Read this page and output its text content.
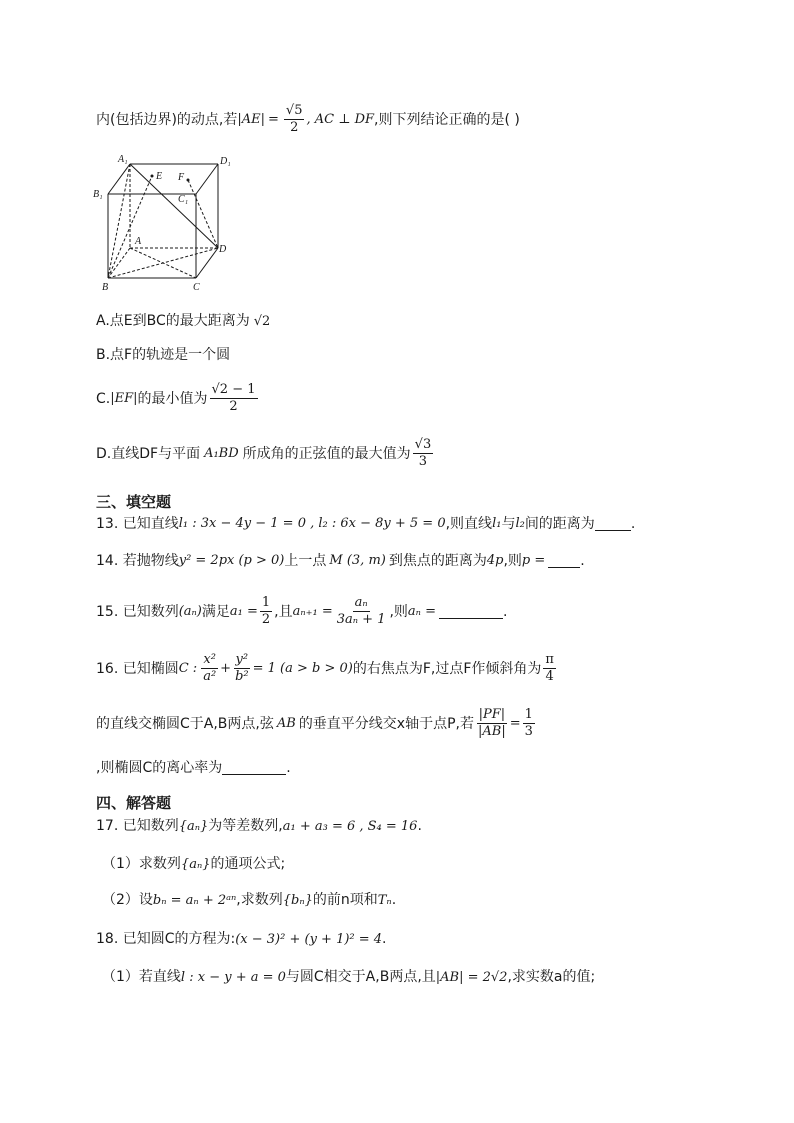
内(包括边界)的动点,若 $|AE| = \frac{√5}{2}$ , AC ⊥ DF ,则下列结论正确的是( )
A₁	D₁
B₁	C₁
E F
A
D
B	C
A.点E到BC的最大距离为 √2
B.点F的轨迹是一个圆
C. |EF| 的最小值为 $\frac{√2 - 1}{2}$
D.直线DF与平面 A₁BD 所成角的正弦值的最大值为 $\frac{√3}{3}$
三、填空题
13. 已知直线 l₁ : 3x − 4y − 1 = 0 , l₂ : 6x − 8y + 5 = 0 ,则直线 l₁ 与 l₂ 间的距离为	.
14. 若抛物线 y² = 2px (p > 0) 上一点 M (3, m) 到焦点的距离为 4p ,则 p =	.
15. 已知数列 (aₙ) 满足 $a_1 = \frac{1}{2}$ ,且 $a_{n+1} = \frac{\text{aₙ}}{\text{3aₙ + 1}}$ ,则 aₙ =	.
16. 已知椭圆 C : $\frac{\text{x²}}{\text{a²}} + \frac{\text{y²}}{\text{b²}} = 1$ (a > b > 0) 的右焦点为F,过点F作倾斜角为 $\frac{\pi}{4}$
的直线交椭圆C于A,B两点,弦 AB 的垂直平分线交x轴于点P,若 $\frac{|PF|}{|AB|} = \frac{1}{3}$
,则椭圆C的离心率为	.
四、解答题
17. 已知数列 {aₙ} 为等差数列, a₁ + a₃ = 6 , S₄ = 16 .
（1）求数列 {aₙ} 的通项公式;
（2）设 bₙ = aₙ + 2ᵃⁿ ,求数列 {bₙ} 的前n项和 Tₙ .
18. 已知圆C的方程为: (x − 3)² + (y + 1)² = 4 .
（1）若直线 l : x − y + a = 0 与圆C相交于A,B两点,且 |AB| = 2√2 ,求实数a的值;
